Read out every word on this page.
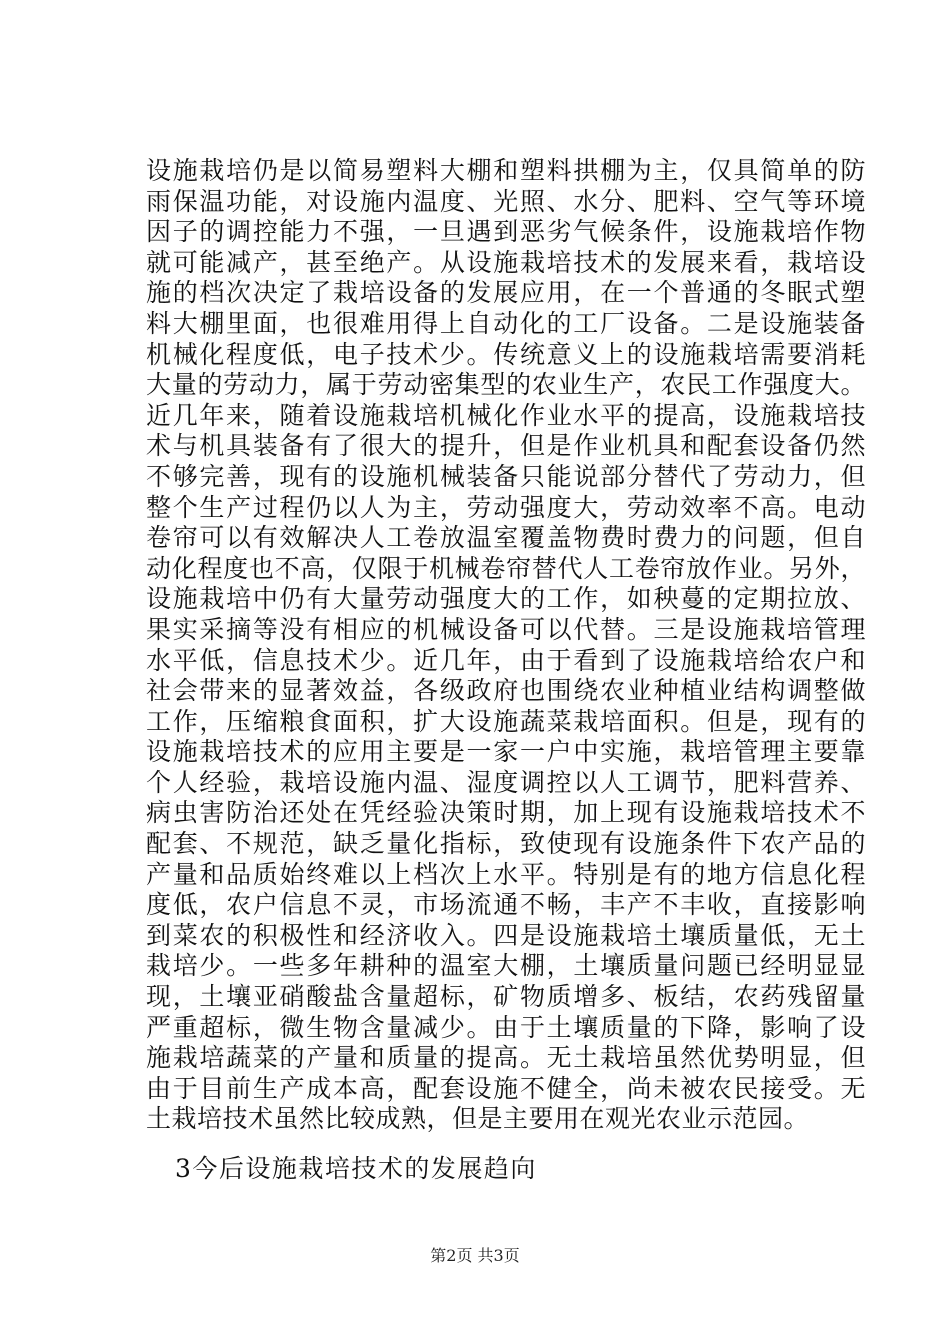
设施栽培仍是以简易塑料大棚和塑料拱棚为主，仅具简单的防
雨保温功能，对设施内温度、光照、水分、肥料、空气等环境
因子的调控能力不强，一旦遇到恶劣气候条件，设施栽培作物
就可能减产，甚至绝产。从设施栽培技术的发展来看，栽培设
施的档次决定了栽培设备的发展应用，在一个普通的冬眠式塑
料大棚里面，也很难用得上自动化的工厂设备。二是设施装备
机械化程度低，电子技术少。传统意义上的设施栽培需要消耗
大量的劳动力，属于劳动密集型的农业生产，农民工作强度大。
近几年来，随着设施栽培机械化作业水平的提高，设施栽培技
术与机具装备有了很大的提升，但是作业机具和配套设备仍然
不够完善，现有的设施机械装备只能说部分替代了劳动力，但
整个生产过程仍以人为主，劳动强度大，劳动效率不高。电动
卷帘可以有效解决人工卷放温室覆盖物费时费力的问题，但自
动化程度也不高，仅限于机械卷帘替代人工卷帘放作业。另外，
设施栽培中仍有大量劳动强度大的工作，如秧蔓的定期拉放、
果实采摘等没有相应的机械设备可以代替。三是设施栽培管理
水平低，信息技术少。近几年，由于看到了设施栽培给农户和
社会带来的显著效益，各级政府也围绕农业种植业结构调整做
工作，压缩粮食面积，扩大设施蔬菜栽培面积。但是，现有的
设施栽培技术的应用主要是一家一户中实施，栽培管理主要靠
个人经验，栽培设施内温、湿度调控以人工调节，肥料营养、
病虫害防治还处在凭经验决策时期，加上现有设施栽培技术不
配套、不规范，缺乏量化指标，致使现有设施条件下农产品的
产量和品质始终难以上档次上水平。特别是有的地方信息化程
度低，农户信息不灵，市场流通不畅，丰产不丰收，直接影响
到菜农的积极性和经济收入。四是设施栽培土壤质量低，无土
栽培少。一些多年耕种的温室大棚，土壤质量问题已经明显显
现，土壤亚硝酸盐含量超标，矿物质增多、板结，农药残留量
严重超标，微生物含量减少。由于土壤质量的下降，影响了设
施栽培蔬菜的产量和质量的提高。无土栽培虽然优势明显，但
由于目前生产成本高，配套设施不健全，尚未被农民接受。无
土栽培技术虽然比较成熟，但是主要用在观光农业示范园。
3今后设施栽培技术的发展趋向
第2页 共3页
